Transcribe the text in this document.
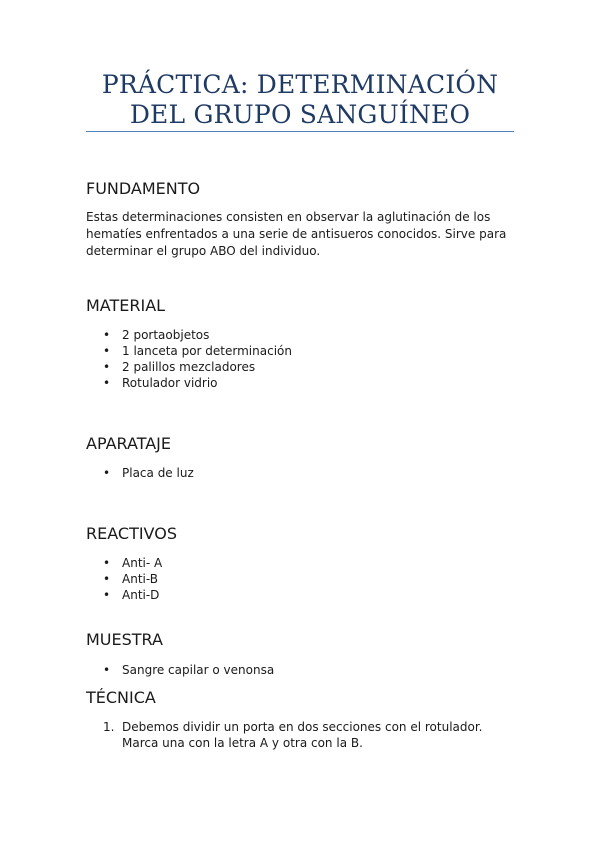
PRÁCTICA: DETERMINACIÓN DEL GRUPO SANGUÍNEO
FUNDAMENTO
Estas determinaciones consisten en observar la aglutinación de los hematíes enfrentados a una serie de antisueros conocidos. Sirve para determinar el grupo ABO del individuo.
MATERIAL
• 2 portaobjetos
• 1 lanceta por determinación
• 2 palillos mezcladores
• Rotulador vidrio
APARATAJE
• Placa de luz
REACTIVOS
• Anti- A
• Anti-B
• Anti-D
MUESTRA
• Sangre capilar o venonsa
TÉCNICA
1. Debemos dividir un porta en dos secciones con el rotulador. Marca una con la letra A y otra con la B.
